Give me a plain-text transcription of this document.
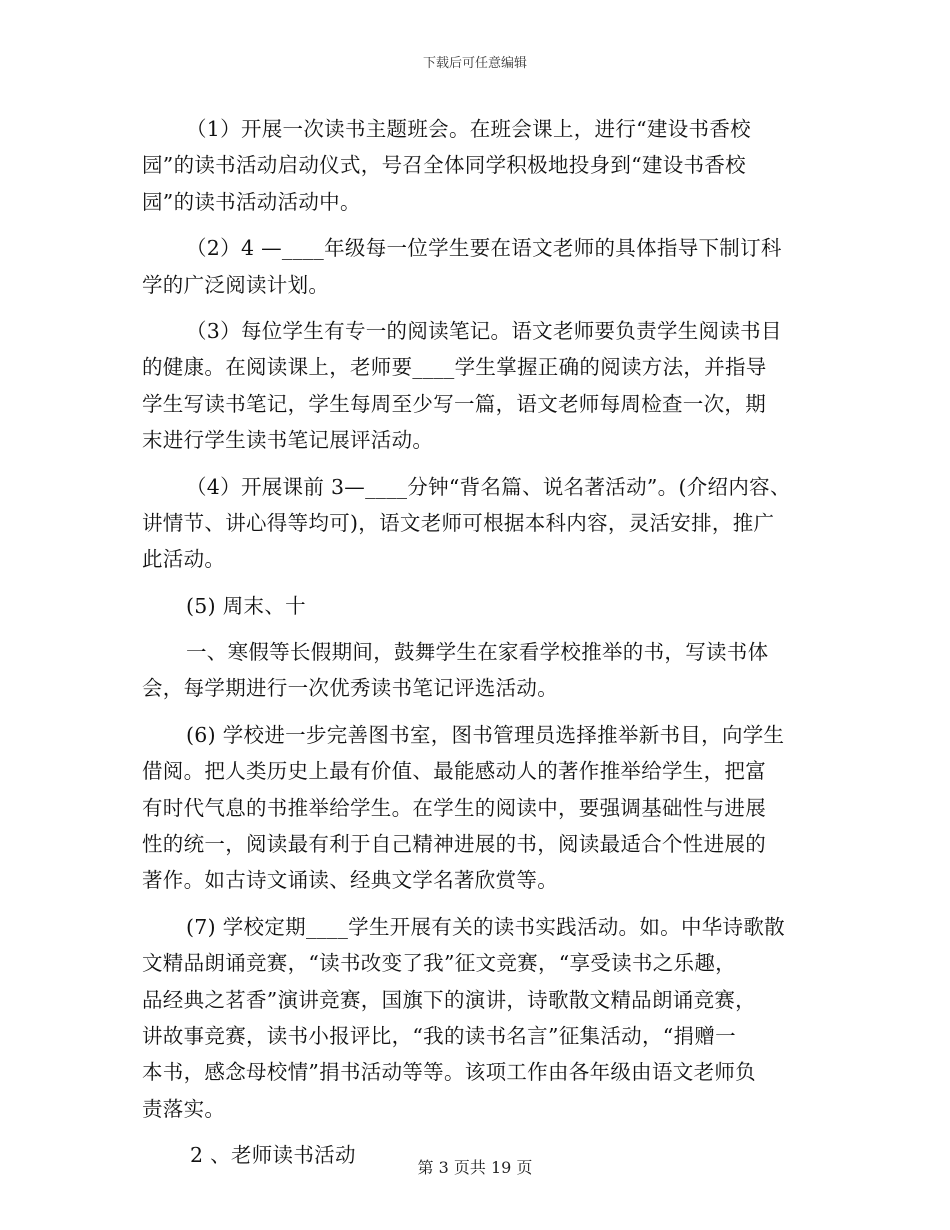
下载后可任意编辑
（1）开展一次读书主题班会。在班会课上，进行“建设书香校
园”的读书活动启动仪式，号召全体同学积极地投身到“建设书香校
园”的读书活动活动中。
（2）4 —____年级每一位学生要在语文老师的具体指导下制订科
学的广泛阅读计划。
（3）每位学生有专一的阅读笔记。语文老师要负责学生阅读书目
的健康。在阅读课上，老师要____学生掌握正确的阅读方法，并指导
学生写读书笔记，学生每周至少写一篇，语文老师每周检查一次，期
末进行学生读书笔记展评活动。
（4）开展课前 3—____分钟“背名篇、说名著活动”。(介绍内容、
讲情节、讲心得等均可)，语文老师可根据本科内容，灵活安排，推广
此活动。
(5) 周末、十
一、寒假等长假期间，鼓舞学生在家看学校推举的书，写读书体
会，每学期进行一次优秀读书笔记评选活动。
(6) 学校进一步完善图书室，图书管理员选择推举新书目，向学生
借阅。把人类历史上最有价值、最能感动人的著作推举给学生，把富
有时代气息的书推举给学生。在学生的阅读中，要强调基础性与进展
性的统一，阅读最有利于自己精神进展的书，阅读最适合个性进展的
著作。如古诗文诵读、经典文学名著欣赏等。
(7) 学校定期____学生开展有关的读书实践活动。如。中华诗歌散
文精品朗诵竞赛，“读书改变了我”征文竞赛，“享受读书之乐趣，
品经典之茗香”演讲竞赛，国旗下的演讲，诗歌散文精品朗诵竞赛，
讲故事竞赛，读书小报评比，“我的读书名言”征集活动，“捐赠一
本书，感念母校情”捐书活动等等。该项工作由各年级由语文老师负
责落实。
2 、老师读书活动
第 3 页共 19 页
